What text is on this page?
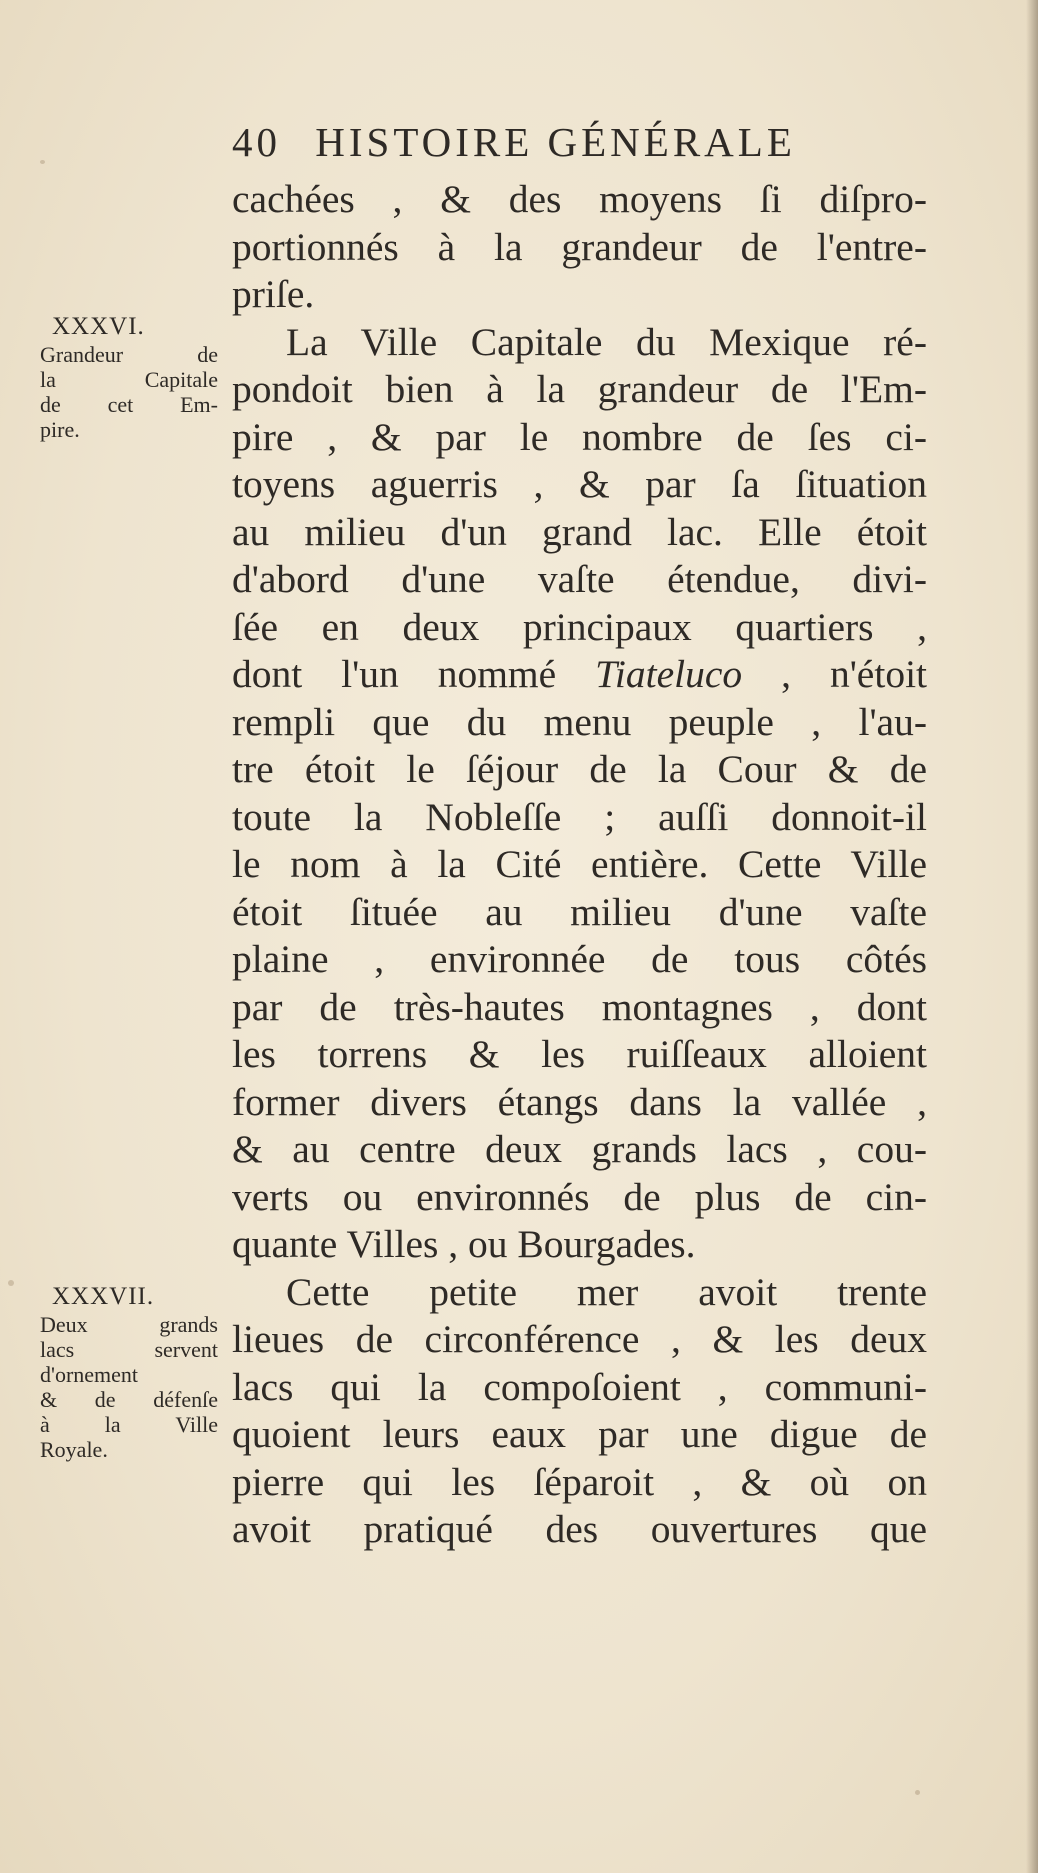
40 HISTOIRE GÉNÉRALE
XXXVI.
Grandeur de
la Capitale
de cet Em-
pire.
XXXVII.
Deux grands
lacs servent
d'ornement
& de défenſe
à la Ville
Royale.
cachées , & des moyens ſi diſpro-
portionnés à la grandeur de l'entre-
priſe.
La Ville Capitale du Mexique ré-
pondoit bien à la grandeur de l'Em-
pire , & par le nombre de ſes ci-
toyens aguerris , & par ſa ſituation
au milieu d'un grand lac. Elle étoit
d'abord d'une vaſte étendue, divi-
ſée en deux principaux quartiers ,
dont l'un nommé Tiateluco , n'étoit
rempli que du menu peuple , l'au-
tre étoit le ſéjour de la Cour & de
toute la Nobleſſe ; auſſi donnoit-il
le nom à la Cité entière. Cette Ville
étoit ſituée au milieu d'une vaſte
plaine , environnée de tous côtés
par de très-hautes montagnes , dont
les torrens & les ruiſſeaux alloient
former divers étangs dans la vallée ,
& au centre deux grands lacs , cou-
verts ou environnés de plus de cin-
quante Villes , ou Bourgades.
Cette petite mer avoit trente
lieues de circonférence , & les deux
lacs qui la compoſoient , communi-
quoient leurs eaux par une digue de
pierre qui les ſéparoit , & où on
avoit pratiqué des ouvertures que
